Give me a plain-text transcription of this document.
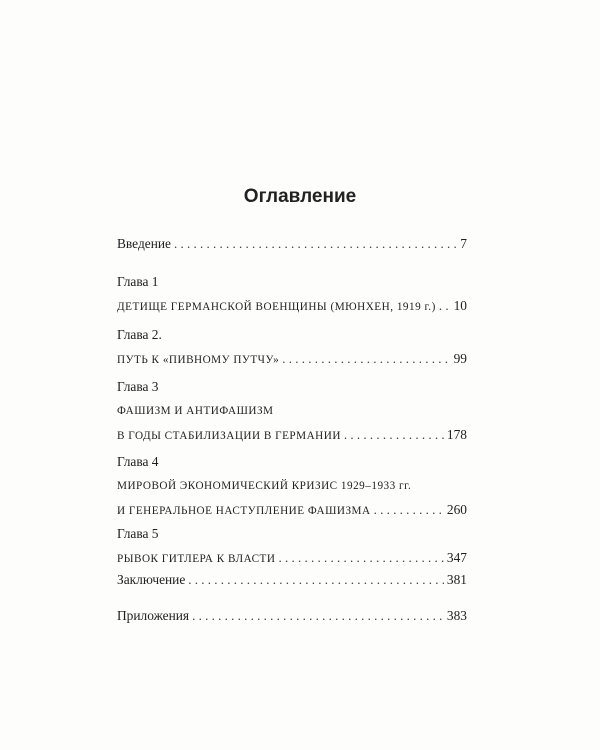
Оглавление
Введение . . .	7
Глава 1
ДЕТИЩЕ ГЕРМАНСКОЙ ВОЕНЩИНЫ (МЮНХЕН, 1919 г.) . . . 10
Глава 2.
ПУТЬ К «ПИВНОМУ ПУТЧУ» . . .	99
Глава 3
ФАШИЗМ И АНТИФАШИЗМ
В ГОДЫ СТАБИЛИЗАЦИИ В ГЕРМАНИИ . . .	178
Глава 4
МИРОВОЙ ЭКОНОМИЧЕСКИЙ КРИЗИС 1929–1933 гг.
И ГЕНЕРАЛЬНОЕ НАСТУПЛЕНИЕ ФАШИЗМА . . .	260
Глава 5
РЫВОК ГИТЛЕРА К ВЛАСТИ . . .	347
Заключение . . .	381
Приложения . . .	383
